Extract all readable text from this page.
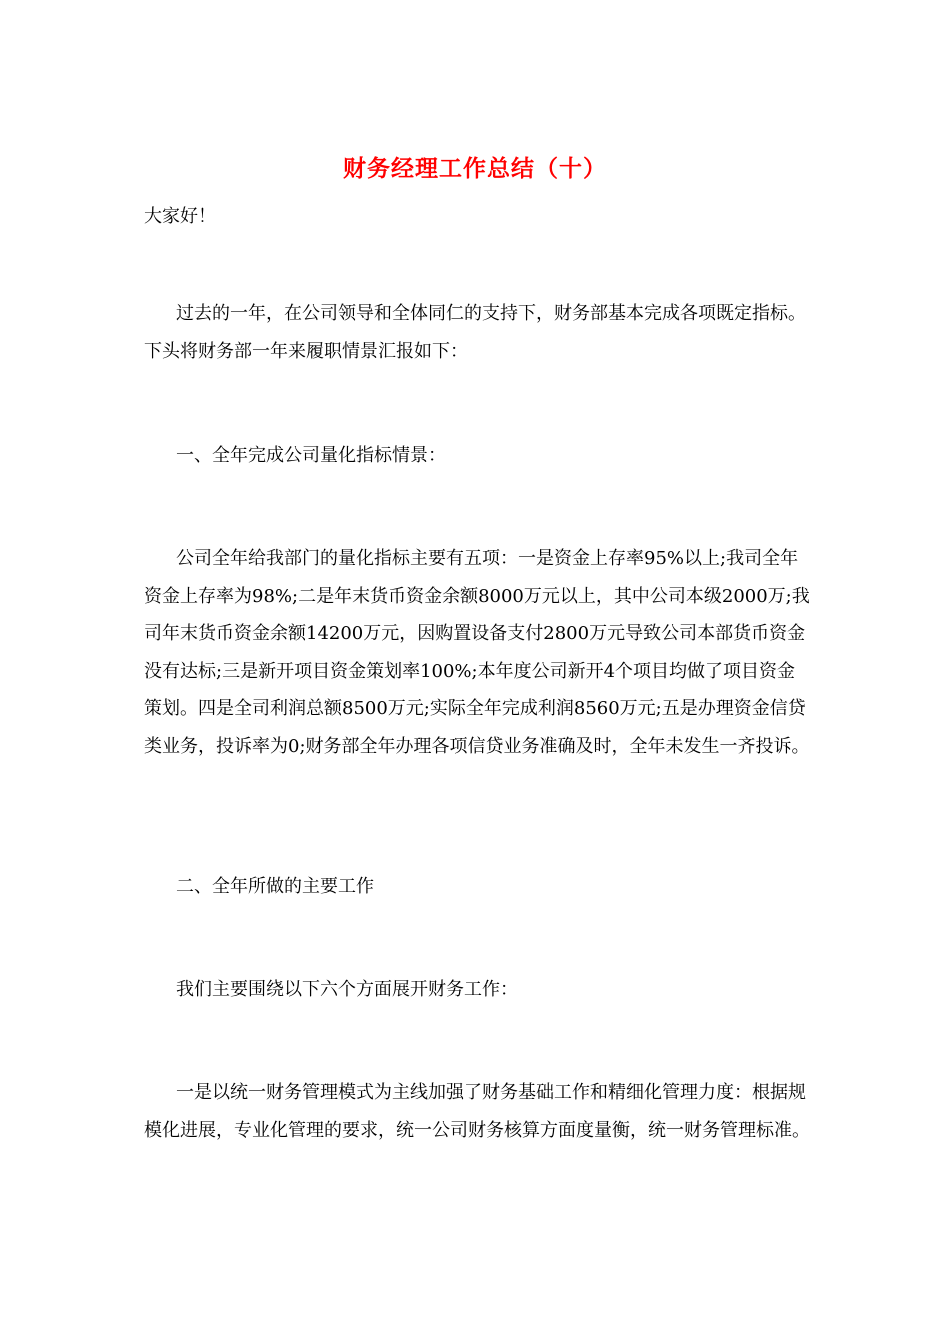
财务经理工作总结（十）

大家好！

过去的一年，在公司领导和全体同仁的支持下，财务部基本完成各项既定指标。下头将财务部一年来履职情景汇报如下：

一、全年完成公司量化指标情景：

公司全年给我部门的量化指标主要有五项：一是资金上存率95%以上;我司全年资金上存率为98%;二是年末货币资金余额8000万元以上，其中公司本级2000万;我司年末货币资金余额14200万元，因购置设备支付2800万元导致公司本部货币资金没有达标;三是新开项目资金策划率100%;本年度公司新开4个项目均做了项目资金策划。四是全司利润总额8500万元;实际全年完成利润8560万元;五是办理资金信贷类业务，投诉率为0;财务部全年办理各项信贷业务准确及时，全年未发生一齐投诉。

二、全年所做的主要工作

我们主要围绕以下六个方面展开财务工作：

一是以统一财务管理模式为主线加强了财务基础工作和精细化管理力度：根据规模化进展，专业化管理的要求，统一公司财务核算方面度量衡，统一财务管理标准。
